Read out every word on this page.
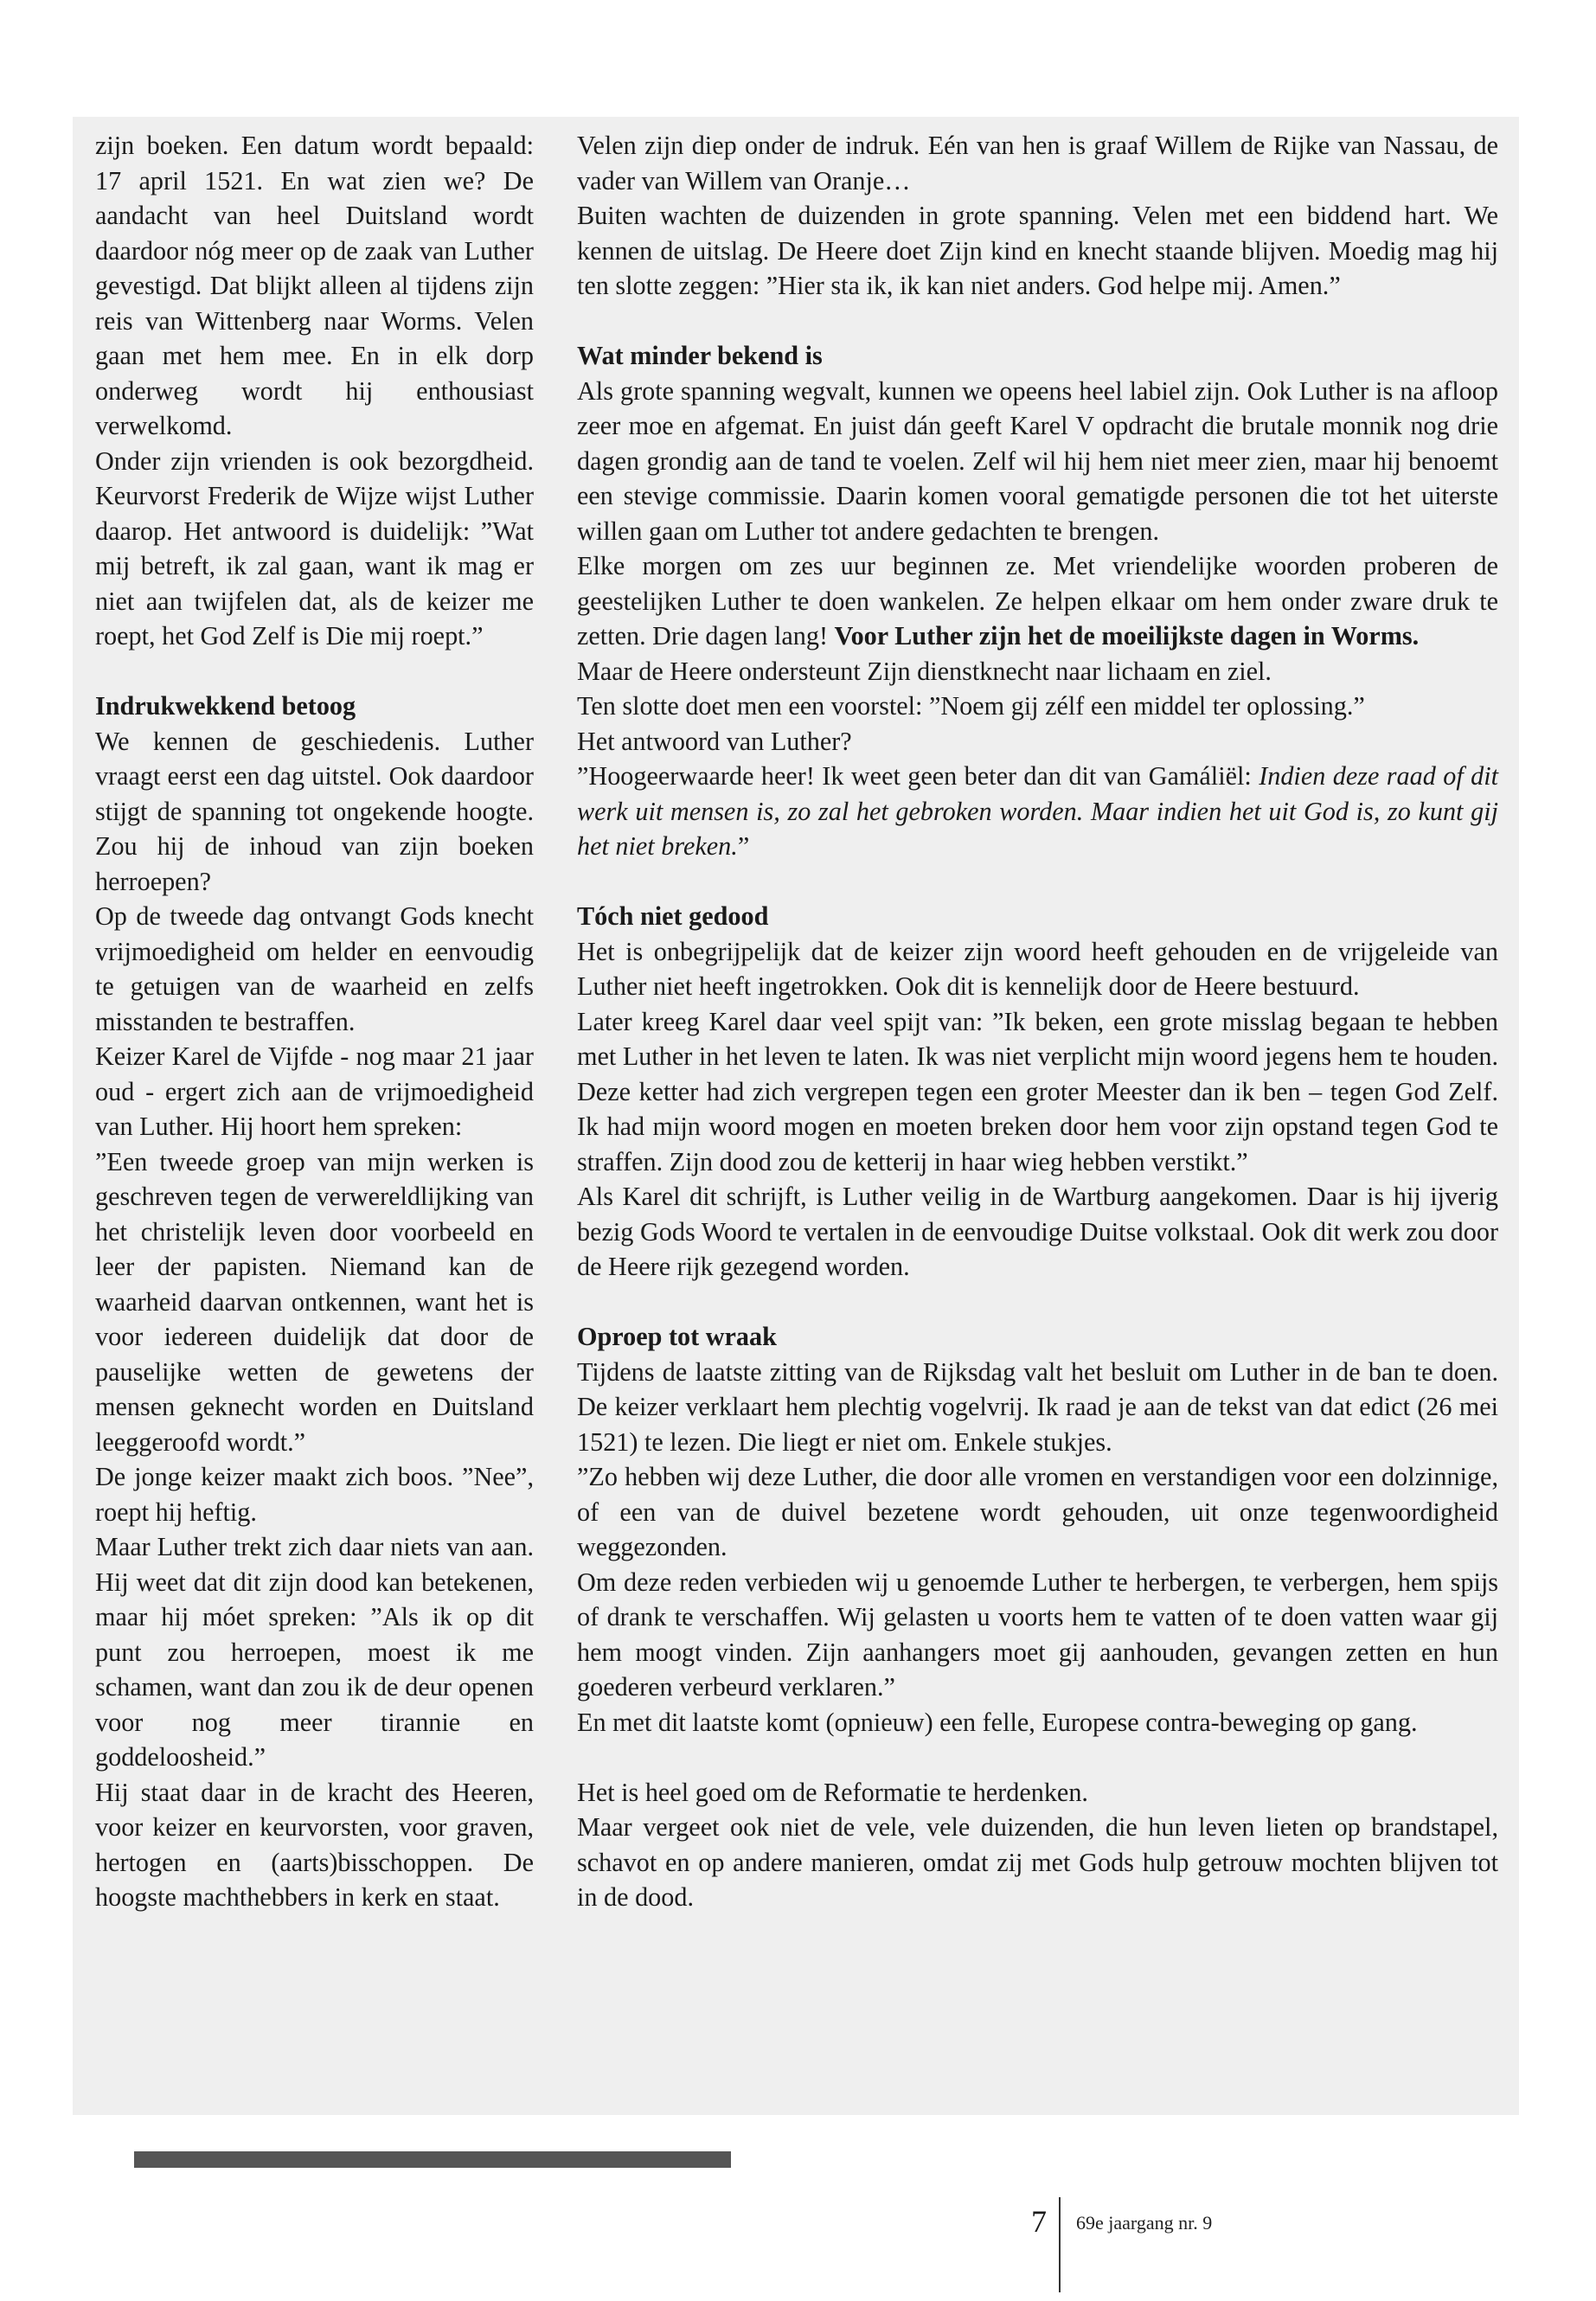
zijn boeken. Een datum wordt bepaald: 17 april 1521. En wat zien we? De aandacht van heel Duitsland wordt daardoor nóg meer op de zaak van Luther gevestigd. Dat blijkt alleen al tijdens zijn reis van Wittenberg naar Worms. Velen gaan met hem mee. En in elk dorp onderweg wordt hij enthousiast verwelkomd.

Onder zijn vrienden is ook bezorgdheid. Keurvorst Frederik de Wijze wijst Luther daarop. Het antwoord is duidelijk: ”Wat mij betreft, ik zal gaan, want ik mag er niet aan twijfelen dat, als de keizer me roept, het God Zelf is Die mij roept.”

Indrukwekkend betoog

We kennen de geschiedenis. Luther vraagt eerst een dag uitstel. Ook daardoor stijgt de spanning tot ongekende hoogte. Zou hij de inhoud van zijn boeken herroepen?

Op de tweede dag ontvangt Gods knecht vrijmoedigheid om helder en eenvoudig te getuigen van de waarheid en zelfs misstanden te bestraffen.

Keizer Karel de Vijfde - nog maar 21 jaar oud - ergert zich aan de vrijmoedigheid van Luther. Hij hoort hem spreken:

”Een tweede groep van mijn werken is geschreven tegen de verwereldlijking van het christelijk leven door voorbeeld en leer der papisten. Niemand kan de waarheid daarvan ontkennen, want het is voor iedereen duidelijk dat door de pauselijke wetten de gewetens der mensen geknecht worden en Duitsland leeggeroofd wordt.”

De jonge keizer maakt zich boos. ”Nee”, roept hij heftig.

Maar Luther trekt zich daar niets van aan. Hij weet dat dit zijn dood kan betekenen, maar hij móet spreken: ”Als ik op dit punt zou herroepen, moest ik me schamen, want dan zou ik de deur openen voor nog meer tirannie en goddeloosheid.”

Hij staat daar in de kracht des Heeren, voor keizer en keurvorsten, voor graven, hertogen en (aarts)bisschoppen. De hoogste machthebbers in kerk en staat.

Velen zijn diep onder de indruk. Eén van hen is graaf Willem de Rijke van Nassau, de vader van Willem van Oranje…

Buiten wachten de duizenden in grote spanning. Velen met een biddend hart. We kennen de uitslag. De Heere doet Zijn kind en knecht staande blijven. Moedig mag hij ten slotte zeggen: ”Hier sta ik, ik kan niet anders. God helpe mij. Amen.”

Wat minder bekend is

Als grote spanning wegvalt, kunnen we opeens heel labiel zijn. Ook Luther is na afloop zeer moe en afgemat. En juist dán geeft Karel V opdracht die brutale monnik nog drie dagen grondig aan de tand te voelen. Zelf wil hij hem niet meer zien, maar hij benoemt een stevige commissie. Daarin komen vooral gematigde personen die tot het uiterste willen gaan om Luther tot andere gedachten te brengen.

Elke morgen om zes uur beginnen ze. Met vriendelijke woorden proberen de geestelijken Luther te doen wankelen. Ze helpen elkaar om hem onder zware druk te zetten. Drie dagen lang! Voor Luther zijn het de moeilijkste dagen in Worms.

Maar de Heere ondersteunt Zijn dienstknecht naar lichaam en ziel.

Ten slotte doet men een voorstel: ”Noem gij zélf een middel ter oplossing.”

Het antwoord van Luther?

”Hoogeerwaarde heer! Ik weet geen beter dan dit van Gamáliël: Indien deze raad of dit werk uit mensen is, zo zal het gebroken worden. Maar indien het uit God is, zo kunt gij het niet breken.”

Tóch niet gedood

Het is onbegrijpelijk dat de keizer zijn woord heeft gehouden en de vrijgeleide van Luther niet heeft ingetrokken. Ook dit is kennelijk door de Heere bestuurd.

Later kreeg Karel daar veel spijt van: ”Ik beken, een grote misslag begaan te hebben met Luther in het leven te laten. Ik was niet verplicht mijn woord jegens hem te houden. Deze ketter had zich vergrepen tegen een groter Meester dan ik ben – tegen God Zelf. Ik had mijn woord mogen en moeten breken door hem voor zijn opstand tegen God te straffen. Zijn dood zou de ketterij in haar wieg hebben verstikt.”

Als Karel dit schrijft, is Luther veilig in de Wartburg aangekomen. Daar is hij ijverig bezig Gods Woord te vertalen in de eenvoudige Duitse volkstaal. Ook dit werk zou door de Heere rijk gezegend worden.

Oproep tot wraak

Tijdens de laatste zitting van de Rijksdag valt het besluit om Luther in de ban te doen. De keizer verklaart hem plechtig vogelvrij. Ik raad je aan de tekst van dat edict (26 mei 1521) te lezen. Die liegt er niet om. Enkele stukjes.

”Zo hebben wij deze Luther, die door alle vromen en verstandigen voor een dolzinnige, of een van de duivel bezetene wordt gehouden, uit onze tegenwoordigheid weggezonden.

Om deze reden verbieden wij u genoemde Luther te herbergen, te verbergen, hem spijs of drank te verschaffen. Wij gelasten u voorts hem te vatten of te doen vatten waar gij hem moogt vinden. Zijn aanhangers moet gij aanhouden, gevangen zetten en hun goederen verbeurd verklaren.”

En met dit laatste komt (opnieuw) een felle, Europese contra-beweging op gang.

Het is heel goed om de Reformatie te herdenken.

Maar vergeet ook niet de vele, vele duizenden, die hun leven lieten op brandstapel, schavot en op andere manieren, omdat zij met Gods hulp getrouw mochten blijven tot in de dood.

7 69e jaargang nr. 9
